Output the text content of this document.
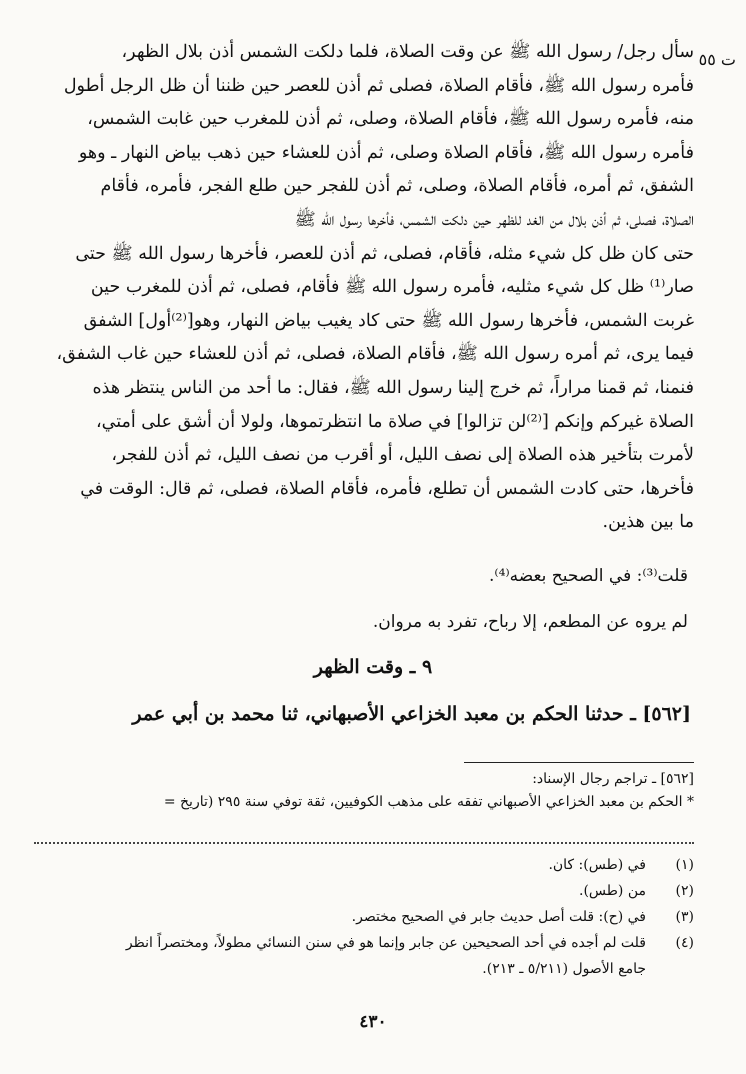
ت ٥٥
سأل رجل/ رسول الله ﷺ عن وقت الصلاة، فلما دلكت الشمس أذن بلال الظهر،
فأمره رسول الله ﷺ، فأقام الصلاة، فصلى ثم أذن للعصر حين ظننا أن ظل الرجل أطول
منه، فأمره رسول الله ﷺ، فأقام الصلاة، وصلى، ثم أذن للمغرب حين غابت الشمس،
فأمره رسول الله ﷺ، فأقام الصلاة وصلى، ثم أذن للعشاء حين ذهب بياض النهار ـ وهو
الشفق، ثم أمره، فأقام الصلاة، وصلى، ثم أذن للفجر حين طلع الفجر، فأمره، فأقام
الصلاة، فصلى، ثم أذن بلال من الغد للظهر حين دلكت الشمس، فأخرها رسول الله ﷺ
حتى كان ظل كل شيء مثله، فأقام، فصلى، ثم أذن للعصر، فأخرها رسول الله ﷺ حتى
صار⁽¹⁾ ظل كل شيء مثليه، فأمره رسول الله ﷺ فأقام، فصلى، ثم أذن للمغرب حين
غربت الشمس، فأخرها رسول الله ﷺ حتى كاد يغيب بياض النهار، وهو[⁽²⁾أول] الشفق
فيما يرى، ثم أمره رسول الله ﷺ، فأقام الصلاة، فصلى، ثم أذن للعشاء حين غاب الشفق،
فنمنا، ثم قمنا مراراً، ثم خرج إلينا رسول الله ﷺ، فقال: ما أحد من الناس ينتظر هذه
الصلاة غيركم وإنكم [⁽²⁾لن تزالوا] في صلاة ما انتظرتموها، ولولا أن أشق على أمتي،
لأمرت بتأخير هذه الصلاة إلى نصف الليل، أو أقرب من نصف الليل، ثم أذن للفجر،
فأخرها، حتى كادت الشمس أن تطلع، فأمره، فأقام الصلاة، فصلى، ثم قال: الوقت في
ما بين هذين.
قلت⁽³⁾: في الصحيح بعضه⁽⁴⁾.
لم يروه عن المطعم، إلا رباح، تفرد به مروان.
٩ ـ وقت الظهر
[٥٦٢] ـ حدثنا الحكم بن معبد الخزاعي الأصبهاني، ثنا محمد بن أبي عمر
[٥٦٢] ـ تراجم رجال الإسناد:
* الحكم بن معبد الخزاعي الأصبهاني تفقه على مذهب الكوفيين، ثقة توفي سنة ٢٩٥ (تاريخ =
(١)
في (طس): كان.
(٢)
من (طس).
(٣)
في (ح): قلت أصل حديث جابر في الصحيح مختصر.
(٤)
قلت لم أجده في أحد الصحيحين عن جابر وإنما هو في سنن النسائي مطولاً، ومختصراً انظر
جامع الأصول (٥/٢١١ ـ ٢١٣).
٤٣٠
